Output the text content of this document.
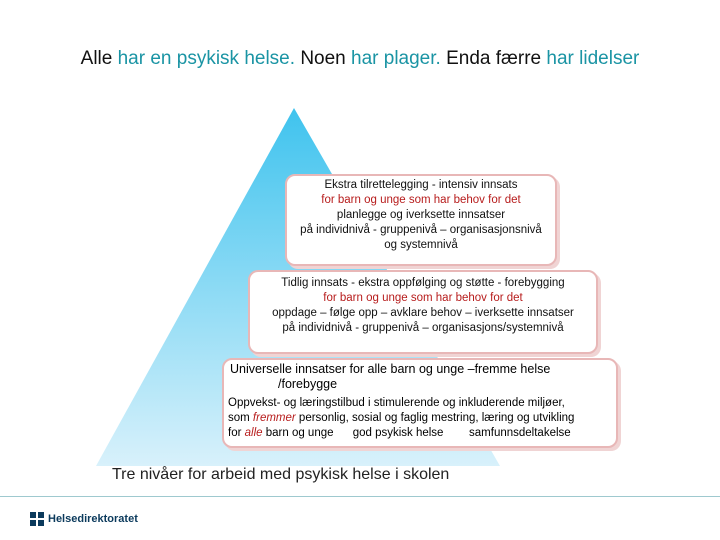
Alle har en psykisk helse. Noen har plager. Enda færre har lidelser
Ekstra tilrettelegging - intensiv innsats
for barn og unge som har behov for det
planlegge og iverksette innsatser
på individnivå - gruppenivå – organisasjonsnivå
og systemnivå
Tidlig innsats - ekstra oppfølging og støtte - forebygging
for barn og unge som har behov for det
oppdage – følge opp – avklare behov – iverksette innsatser
på individnivå - gruppenivå – organisasjons/systemnivå
Universelle innsatser for alle barn og unge –fremme helse
/forebygge
Oppvekst- og læringstilbud i stimulerende og inkluderende miljøer,
som fremmer personlig, sosial og faglig mestring, læring og utvikling
for alle barn og unge god psykisk helse samfunnsdeltakelse
Tre nivåer for arbeid med psykisk helse i skolen
Helsedirektoratet
